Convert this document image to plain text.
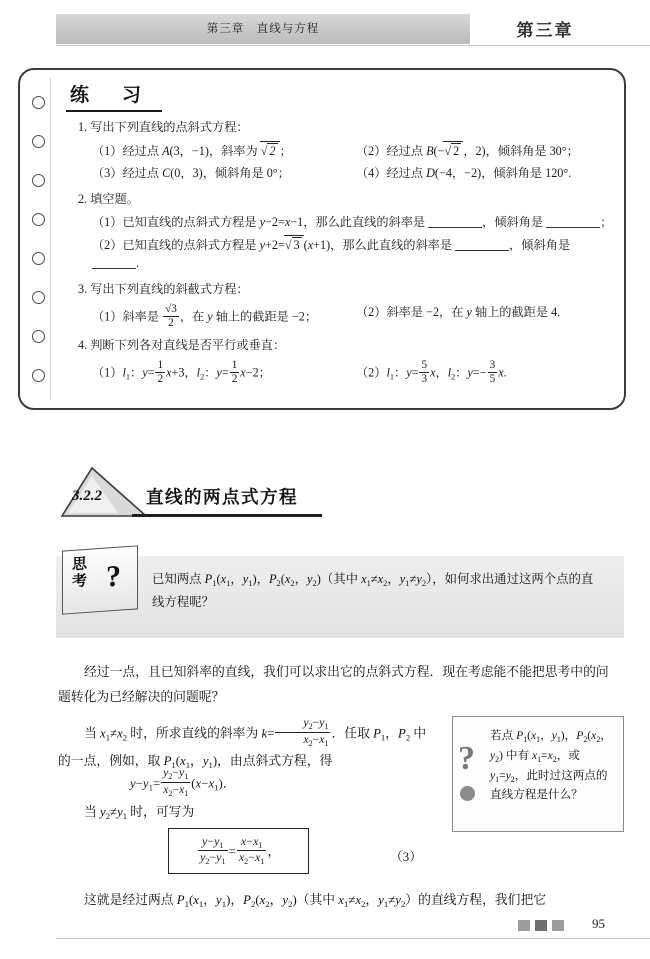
第三章　直线与方程	第三章
练　习
1. 写出下列直线的点斜式方程：
（1）经过点 A(3，−1)，斜率为 √ 2 ；	（2）经过点 B(−√ 2 ，2)，倾斜角是 30°；
（3）经过点 C(0，3)，倾斜角是 0°；	（4）经过点 D(−4，−2)，倾斜角是 120°.
2. 填空题。
（1）已知直线的点斜式方程是 y−2=x−1，那么此直线的斜率是	，倾斜角是	；
（2）已知直线的点斜式方程是 y+2=√ 3 (x+1)，那么此直线的斜率是	，倾斜角是 .
3. 写出下列直线的斜截式方程：
（1）斜率是 $\frac{√3}{2}$ ，在 y 轴上的截距是 −2；	（2）斜率是 −2，在 y 轴上的截距是 4.
4. 判断下列各对直线是否平行或垂直：
$(1)l_1$：$y= \frac{1}{2} x+3$，$l_2$：$y= \frac{1}{2} x-2$；	$(2)l_1$：$y= \frac{5}{3}$ x，$l_2$：$y=- \frac{3}{5} x$.
3.2.2	直线的两点式方程
思
考 ?	已知两点 $P_1(x_1$，$y_1$)，$P_2(x_2$，$y_2$)（其中 $x_1\ne x_2$，$y_1\ne y_2$），如何求出通过这两个点的直线方程呢？
经过一点，且已知斜率的直线，我们可以求出它的点斜式方程．现在考虑能不能把思考中的问题转化为已经解决的问题呢？
当 $x_1\ne x_2$ 时，所求直线的斜率为 $k= \frac{y_2-y_1}{x_2-x_1}$ ．任取 $P_1$，$P_2$ 中的一点，例如，取 $P_1(x_1$，$y_1$)，由点斜式方程，得
$y-y_1= \frac{y_2-y_1}{x_2-x_1} (x-x_1)$．
当 $y_2\ne y_1$ 时，可写为
$\frac{y-y_1}{y_2-y_1} = \frac{x-x_1}{x_2-x_1}$ ，	（3）
这就是经过两点 $P_1(x_1$，$y_1$)，$P_2(x_2$，$y_2$)（其中 $x_1\ne x_2$，$y_1\ne y_2$）的直线方程，我们把它
?
若点 $P_1(x_1$，$y_1$)，$P_2(x_2$，$y_2$) 中有 $x_1=x_2$，或 $y_1=y_2$，此时过这两点的直线方程是什么？
95
